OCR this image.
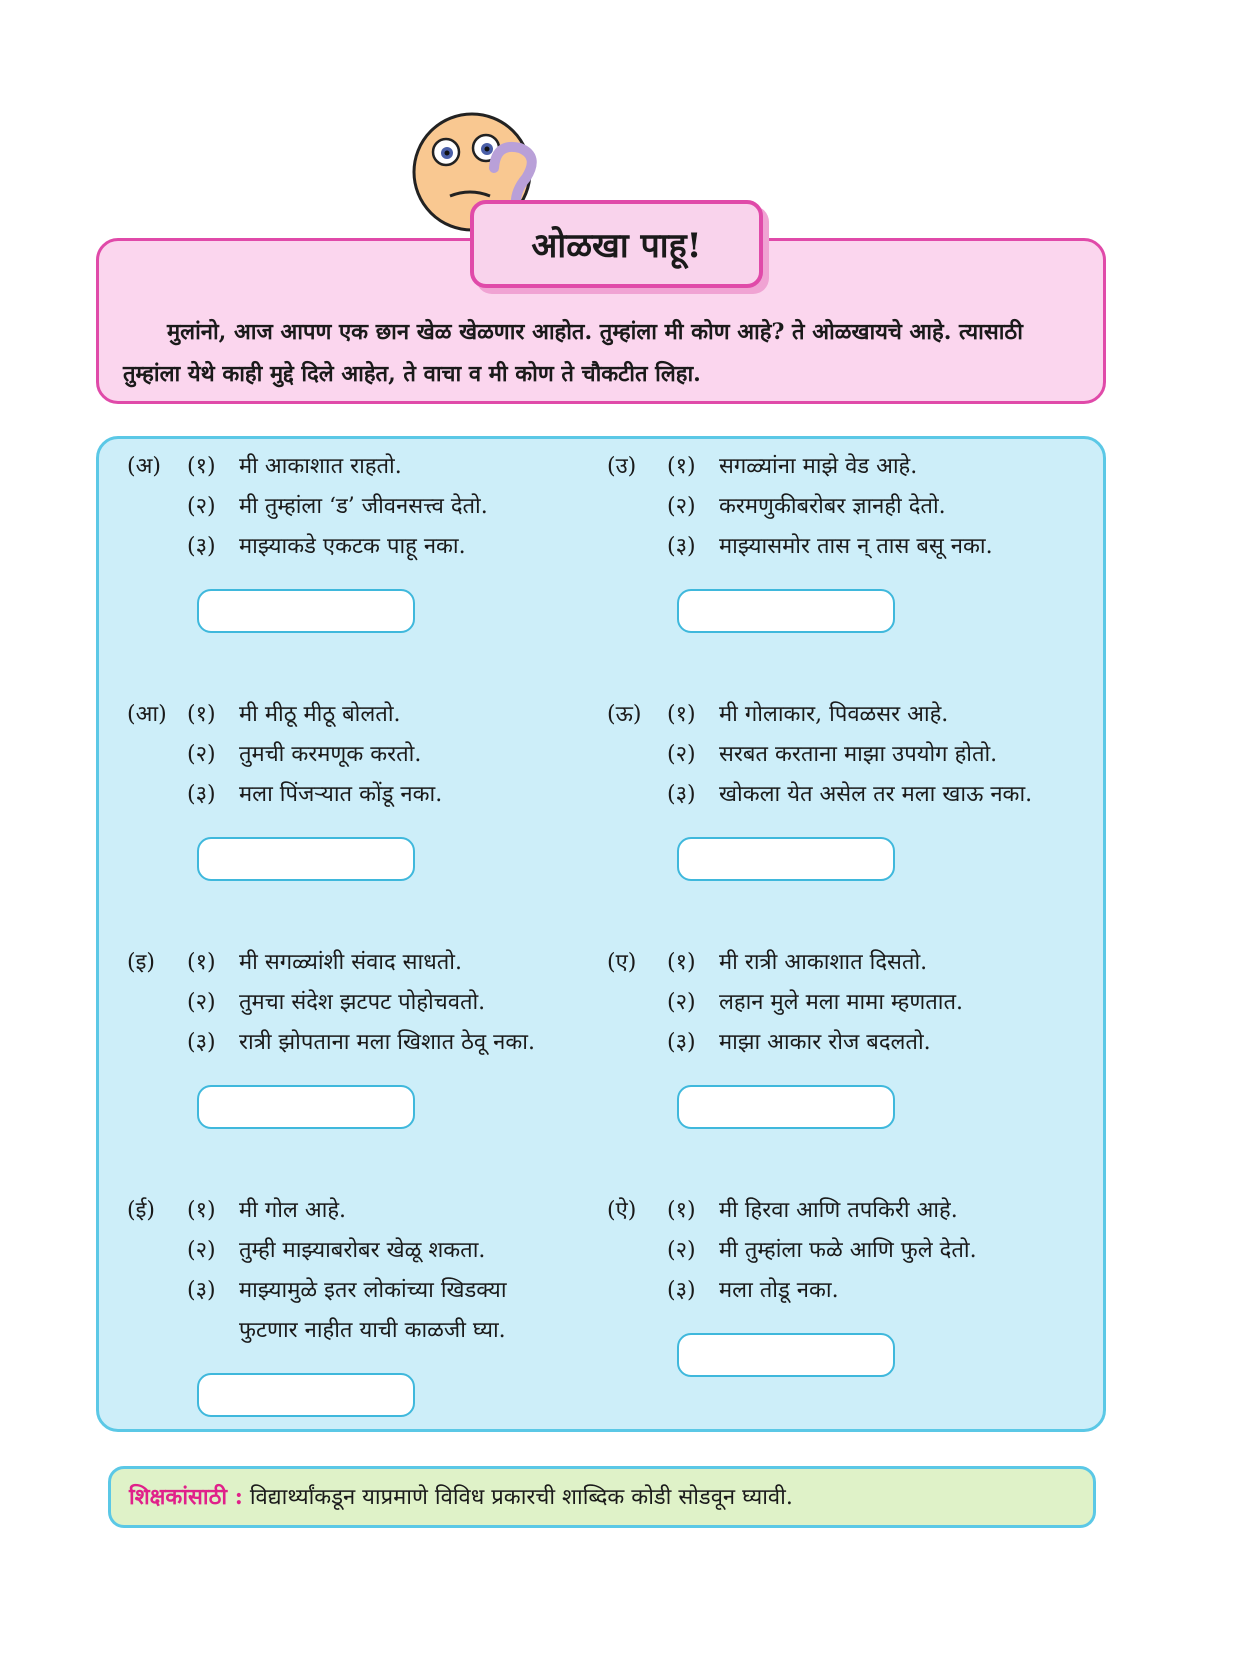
ओळखा पाहू!

मुलांनो, आज आपण एक छान खेळ खेळणार आहोत. तुम्हांला मी कोण आहे? ते ओळखायचे आहे. त्यासाठी तुम्हांला येथे काही मुद्दे दिले आहेत, ते वाचा व मी कोण ते चौकटीत लिहा.

(अ) (१) मी आकाशात राहतो.
(२) मी तुम्हांला ‘ड’ जीवनसत्त्व देतो.
(३) माझ्याकडे एकटक पाहू नका.
(उ) (१) सगळ्यांना माझे वेड आहे.
(२) करमणुकीबरोबर ज्ञानही देतो.
(३) माझ्यासमोर तास न् तास बसू नका.
(आ) (१) मी मीठू मीठू बोलतो.
(२) तुमची करमणूक करतो.
(३) मला पिंजऱ्यात कोंडू नका.
(ऊ) (१) मी गोलाकार, पिवळसर आहे.
(२) सरबत करताना माझा उपयोग होतो.
(३) खोकला येत असेल तर मला खाऊ नका.
(इ) (१) मी सगळ्यांशी संवाद साधतो.
(२) तुमचा संदेश झटपट पोहोचवतो.
(३) रात्री झोपताना मला खिशात ठेवू नका.
(ए) (१) मी रात्री आकाशात दिसतो.
(२) लहान मुले मला मामा म्हणतात.
(३) माझा आकार रोज बदलतो.
(ई) (१) मी गोल आहे.
(२) तुम्ही माझ्याबरोबर खेळू शकता.
(३) माझ्यामुळे इतर लोकांच्या खिडक्या
फुटणार नाहीत याची काळजी घ्या.
(ऐ) (१) मी हिरवा आणि तपकिरी आहे.
(२) मी तुम्हांला फळे आणि फुले देतो.
(३) मला तोडू नका.
शिक्षकांसाठी : विद्यार्थ्यांकडून याप्रमाणे विविध प्रकारची शाब्दिक कोडी सोडवून घ्यावी.
